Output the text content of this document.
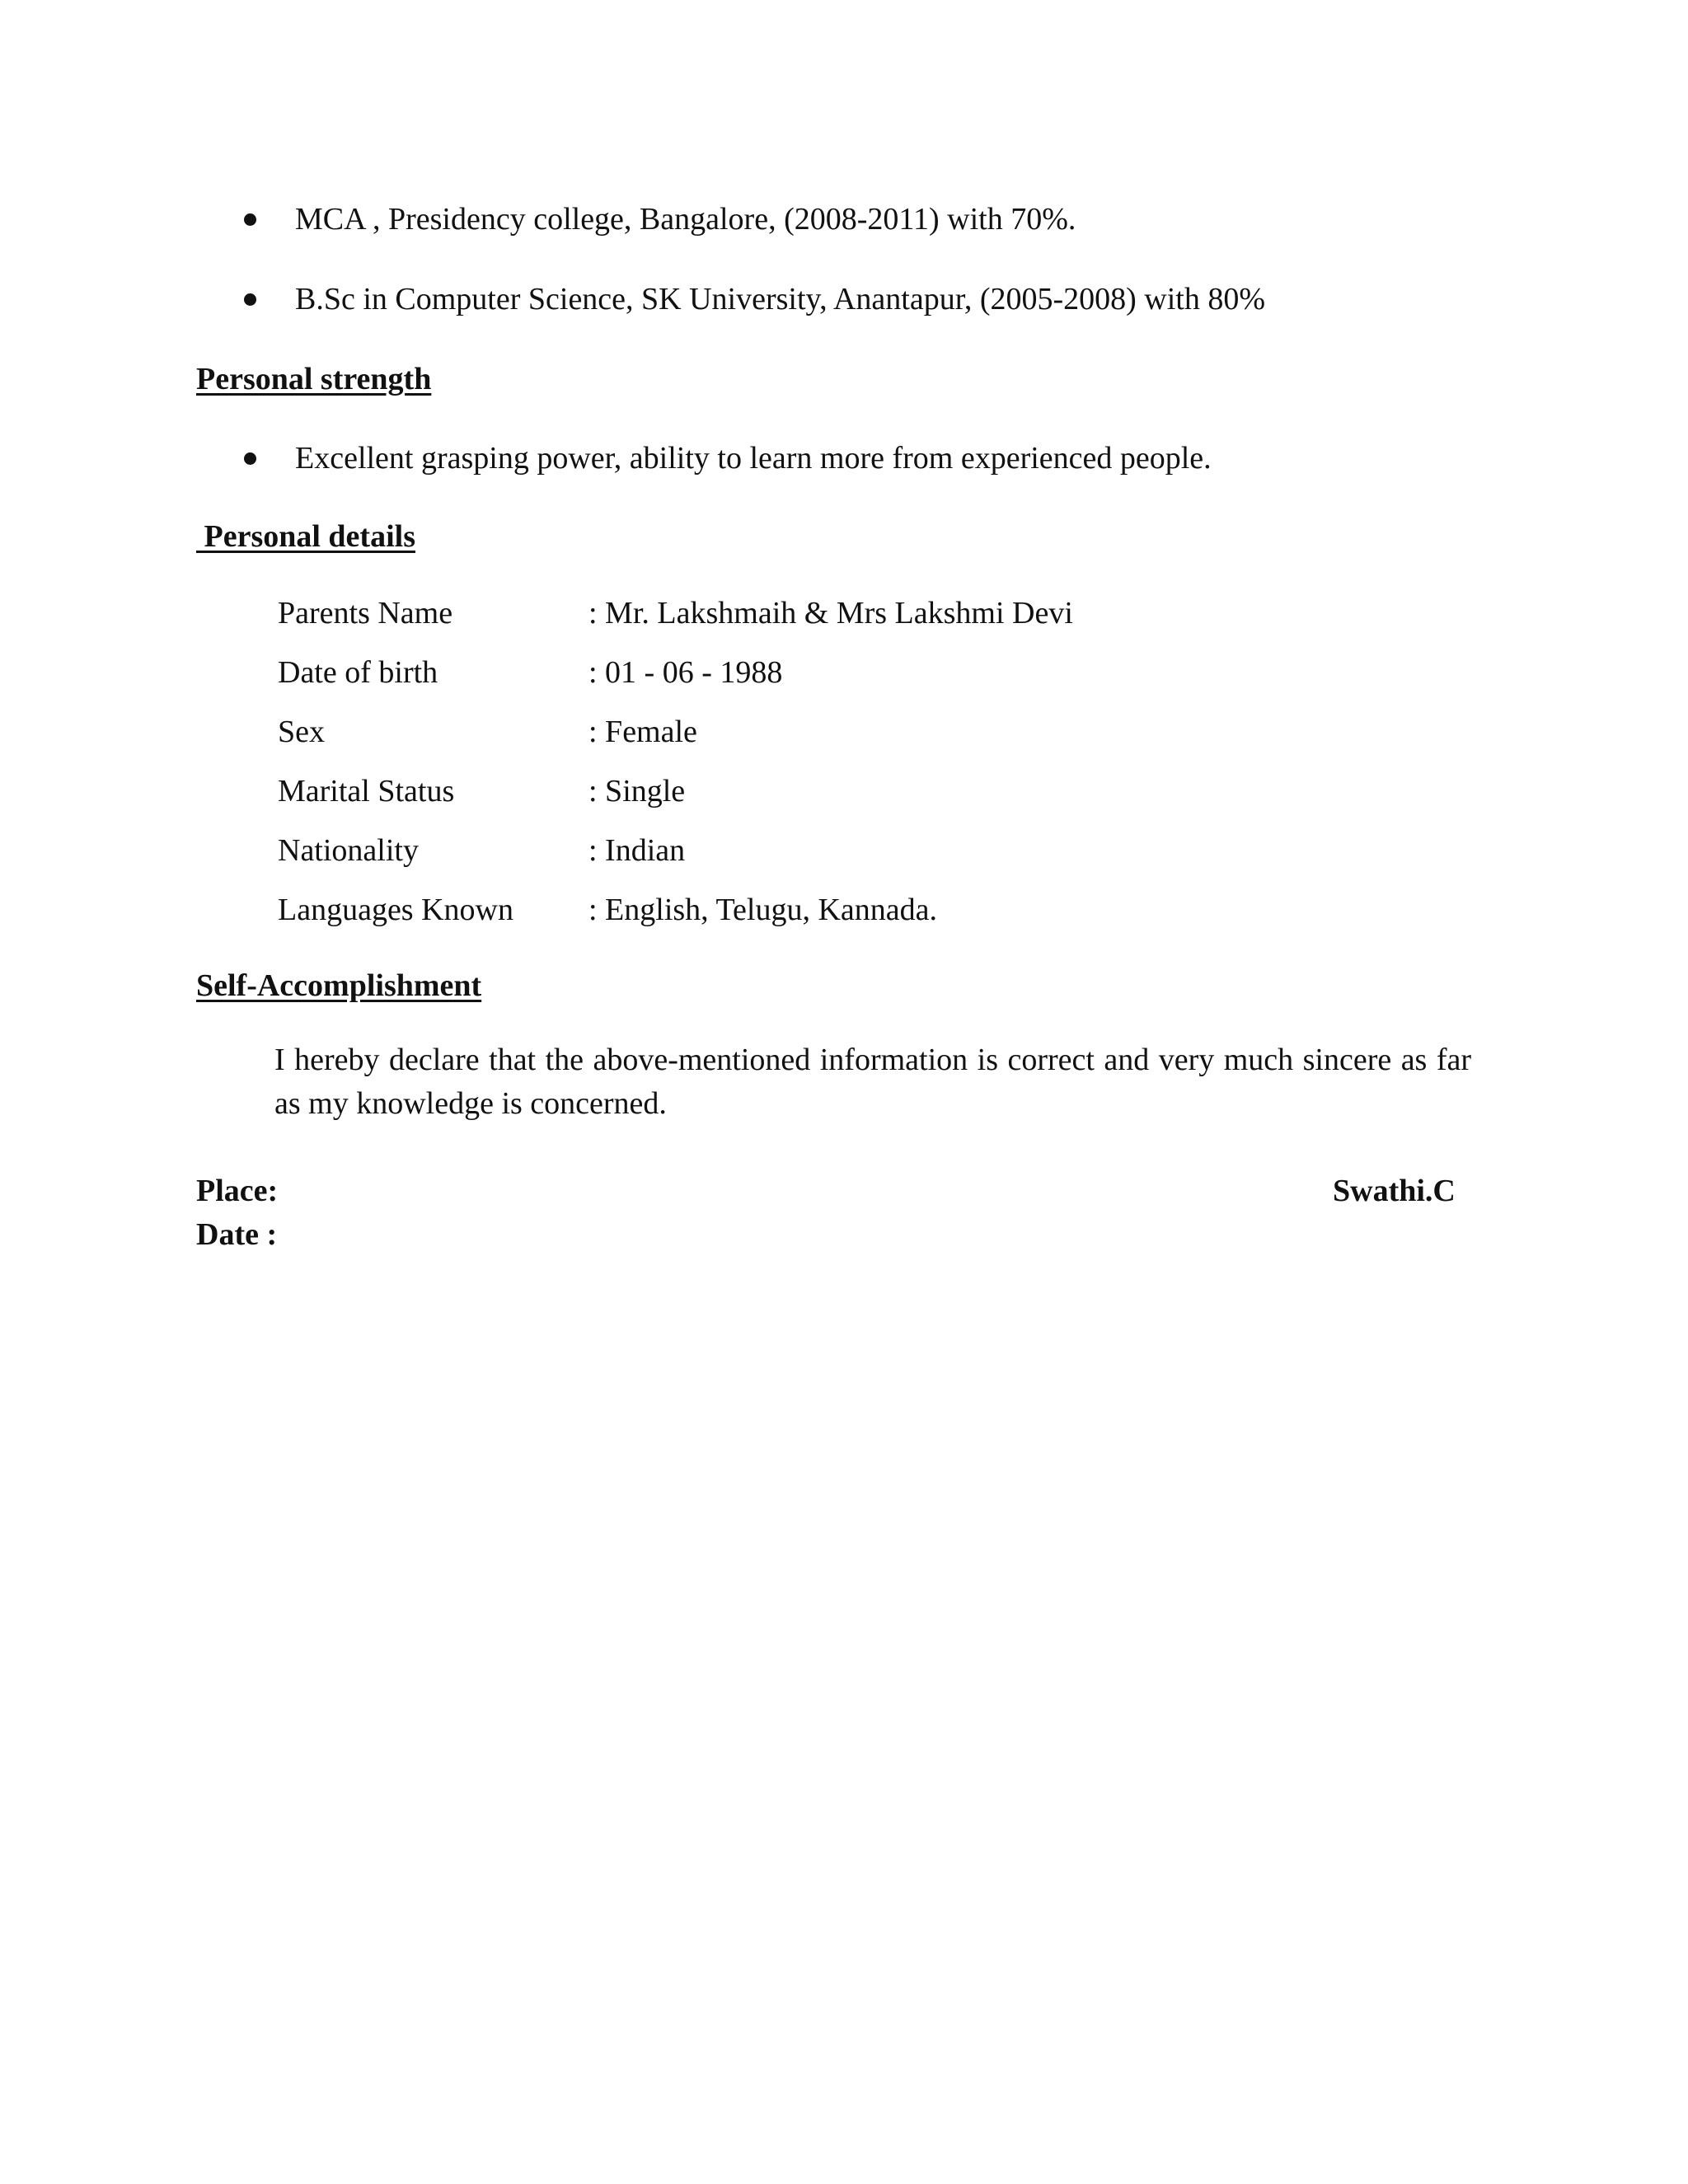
MCA , Presidency college, Bangalore, (2008-2011) with 70%.
B.Sc in Computer Science, SK University, Anantapur, (2005-2008) with 80%
Personal strength
Excellent grasping power, ability to learn more from experienced people.
Personal details
Parents Name	: Mr. Lakshmaih & Mrs Lakshmi Devi
Date of birth	: 01 - 06 - 1988
Sex	: Female
Marital Status	: Single
Nationality	: Indian
Languages Known : English, Telugu, Kannada.
Self-Accomplishment
I hereby declare that the above-mentioned information is correct and very much sincere as far as my knowledge is concerned.
Place:
Date :
Swathi.C
